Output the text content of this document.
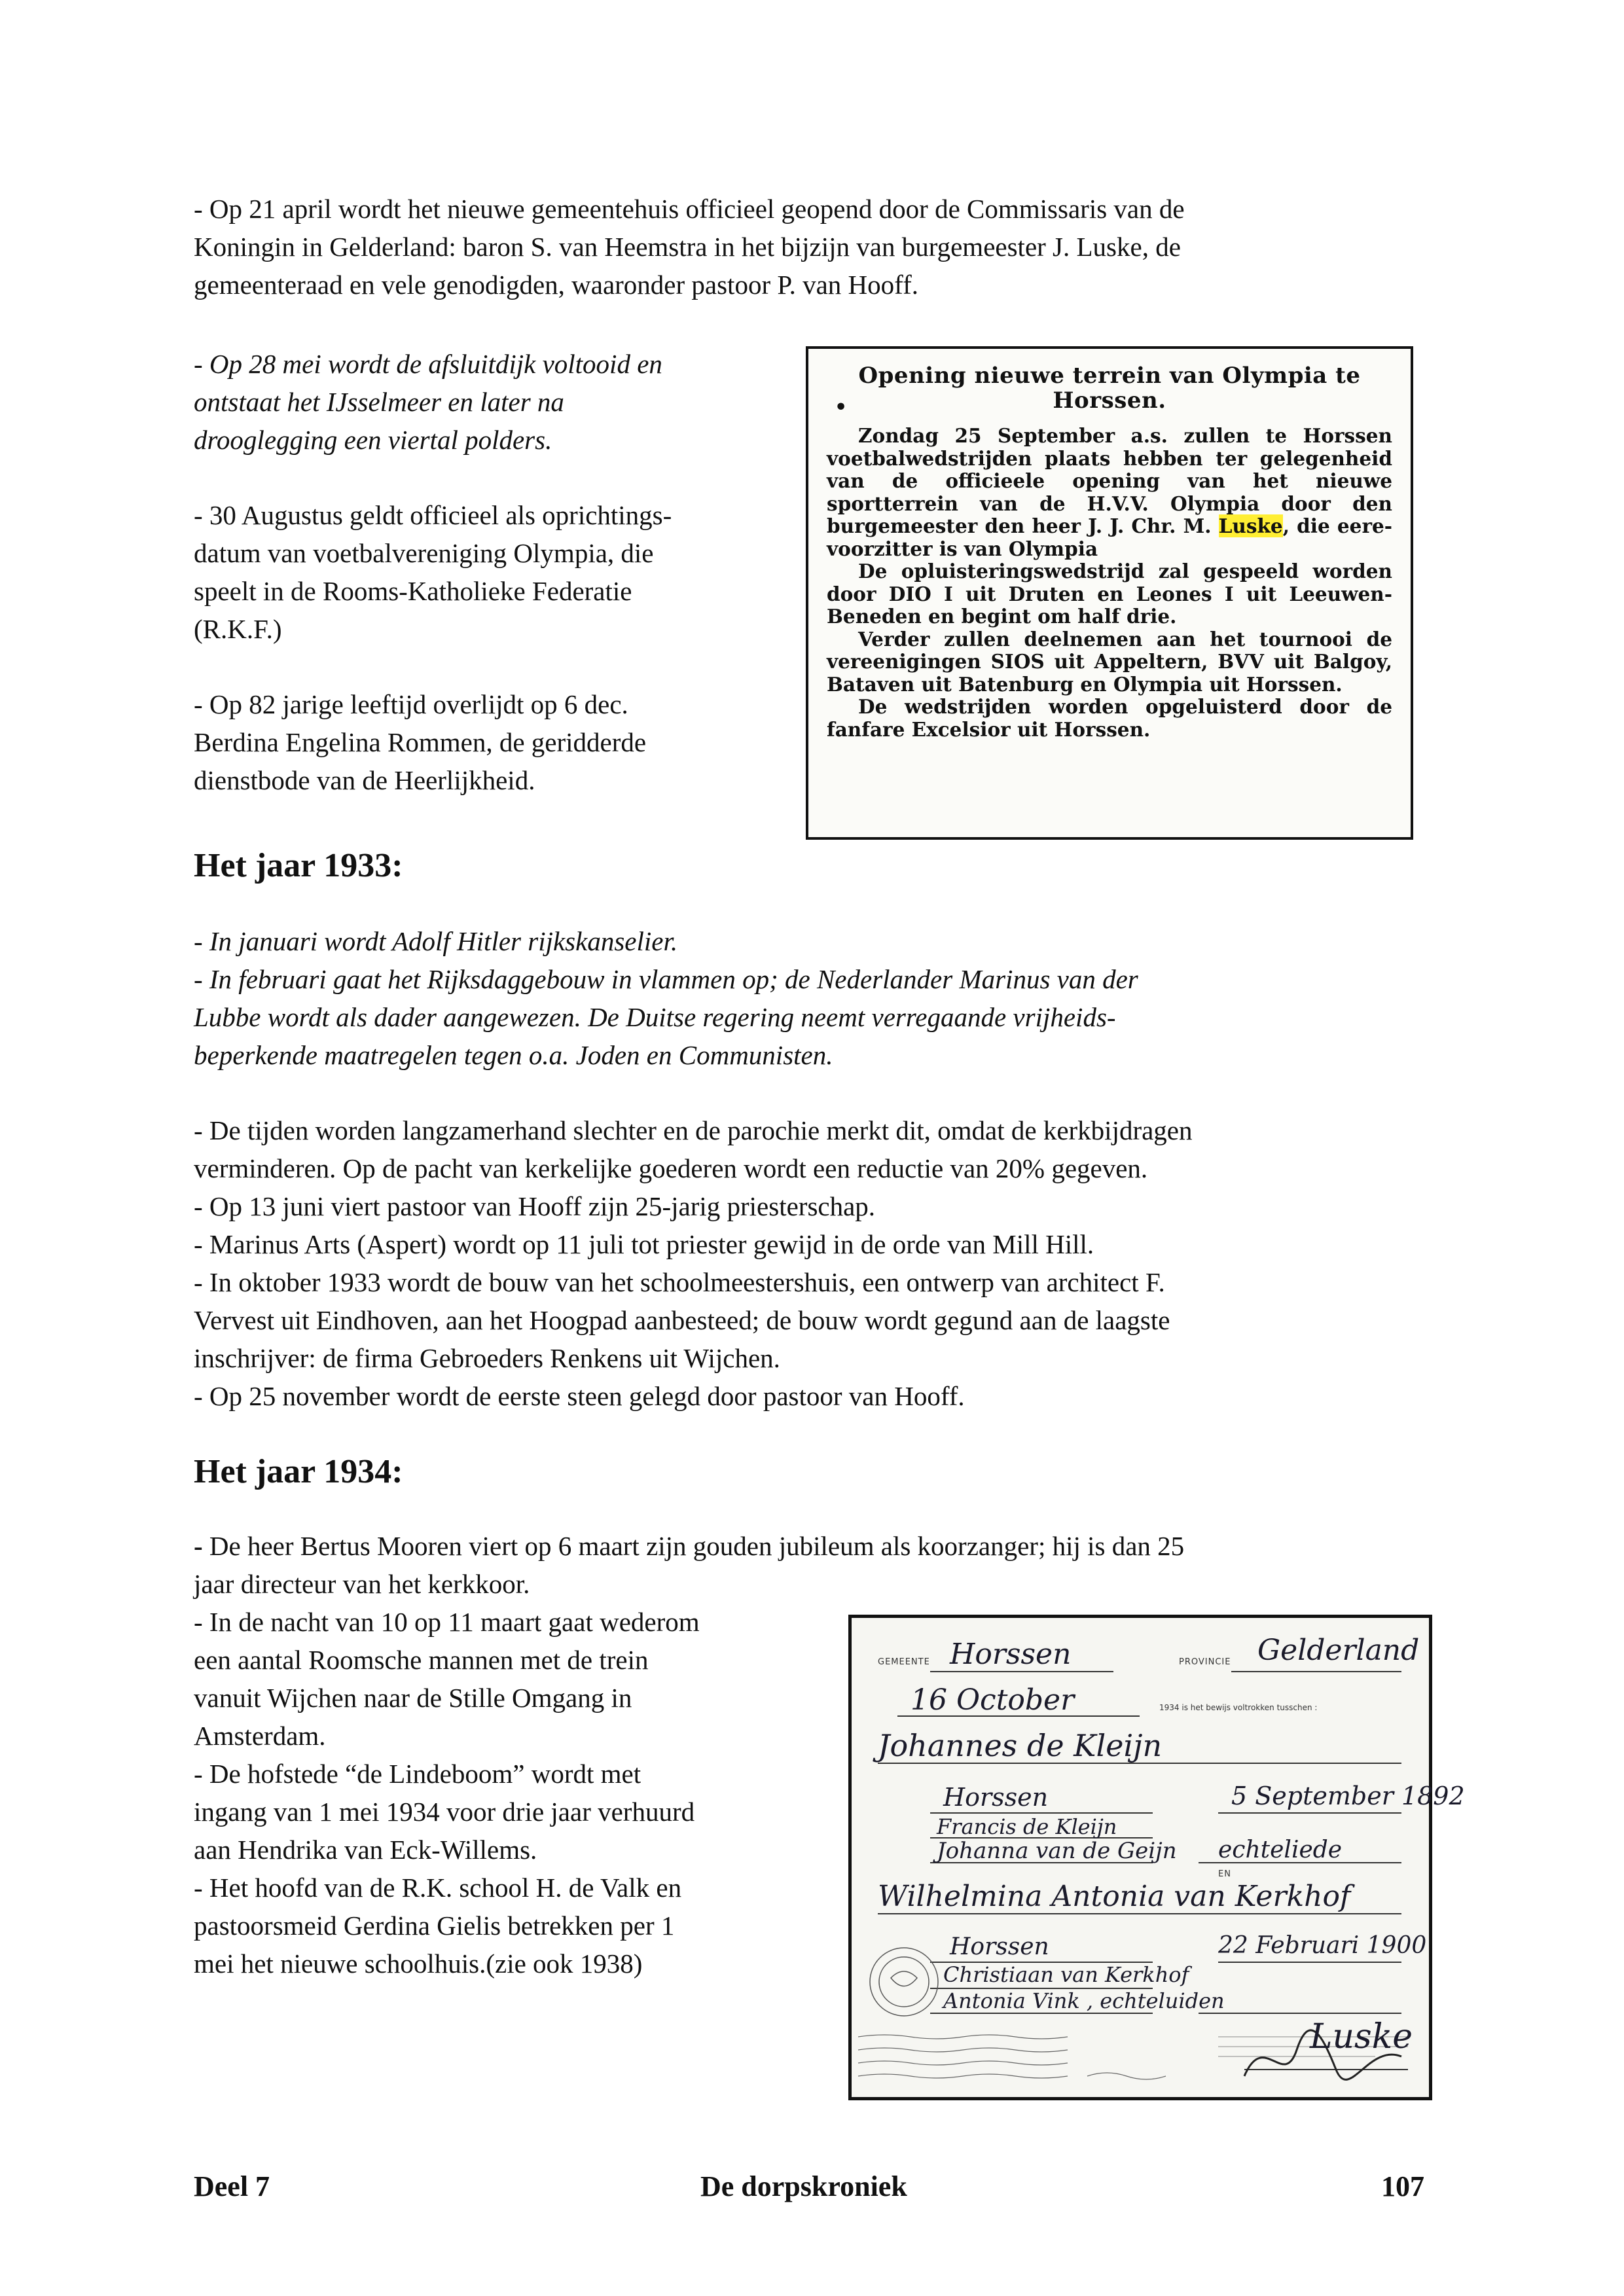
- Op 21 april wordt het nieuwe gemeentehuis officieel geopend door de Commissaris van de
Koningin in Gelderland: baron S. van Heemstra in het bijzijn van burgemeester J. Luske, de
gemeenteraad en vele genodigden, waaronder pastoor P. van Hooff.

- Op 28 mei wordt de afsluitdijk voltooid en
ontstaat het IJsselmeer en later na
drooglegging een viertal polders.

- 30 Augustus geldt officieel als oprichtings-
datum van voetbalvereniging Olympia, die
speelt in de Rooms-Katholieke Federatie
(R.K.F.)

- Op 82 jarige leeftijd overlijdt op 6 dec.
Berdina Engelina Rommen, de geridderde
dienstbode van de Heerlijkheid.

Opening nieuwe terrein van Olympia te
Horssen.

•

Zondag 25 September a.s. zullen te Horssen voetbalwedstrijden plaats hebben ter gelegenheid van de officieele opening van het nieuwe sportterrein van de H.V.V. Olympia door den burgemeester den heer J. J. Chr. M. Luske, die eere-voorzitter is van Olympia

De opluisteringswedstrijd zal gespeeld worden door DIO I uit Druten en Leones I uit Leeuwen-Beneden en begint om half drie.

Verder zullen deelnemen aan het tournooi de vereenigingen SIOS uit Appeltern, BVV uit Balgoy, Bataven uit Batenburg en Olympia uit Horssen.

De wedstrijden worden opgeluisterd door de fanfare Excelsior uit Horssen.

Het jaar 1933:

- In januari wordt Adolf Hitler rijkskanselier.
- In februari gaat het Rijksdaggebouw in vlammen op; de Nederlander Marinus van der
Lubbe wordt als dader aangewezen. De Duitse regering neemt verregaande vrijheids-
beperkende maatregelen tegen o.a. Joden en Communisten.

- De tijden worden langzamerhand slechter en de parochie merkt dit, omdat de kerkbijdragen
verminderen. Op de pacht van kerkelijke goederen wordt een reductie van 20% gegeven.
- Op 13 juni viert pastoor van Hooff zijn 25-jarig priesterschap.
- Marinus Arts (Aspert) wordt op 11 juli tot priester gewijd in de orde van Mill Hill.
- In oktober 1933 wordt de bouw van het schoolmeestershuis, een ontwerp van architect F.
Vervest uit Eindhoven, aan het Hoogpad aanbesteed; de bouw wordt gegund aan de laagste
inschrijver: de firma Gebroeders Renkens uit Wijchen.
- Op 25 november wordt de eerste steen gelegd door pastoor van Hooff.

Het jaar 1934:

- De heer Bertus Mooren viert op 6 maart zijn gouden jubileum als koorzanger; hij is dan 25
jaar directeur van het kerkkoor.

- In de nacht van 10 op 11 maart gaat wederom
een aantal Roomsche mannen met de trein
vanuit Wijchen naar de Stille Omgang in
Amsterdam.
- De hofstede “de Lindeboom” wordt met
ingang van 1 mei 1934 voor drie jaar verhuurd
aan Hendrika van Eck-Willems.
- Het hoofd van de R.K. school H. de Valk en
pastoorsmeid Gerdina Gielis betrekken per 1
mei het nieuwe schoolhuis.(zie ook 1938)

GEMEENTE	PROVINCIE
Horssen	Gelderland
16 October	1934 is het bewijs voltrokken tusschen :
Johannes de Kleijn
Horssen	5 September 1892
Francis de Kleijn
Johanna van de Geijn echteliede
EN
Wilhelmina Antonia van Kerkhof
Horssen	22 Februari 1900
Christiaan van Kerkhof
Antonia Vink , echteluiden
Luske

Deel 7	De dorpskroniek	107
